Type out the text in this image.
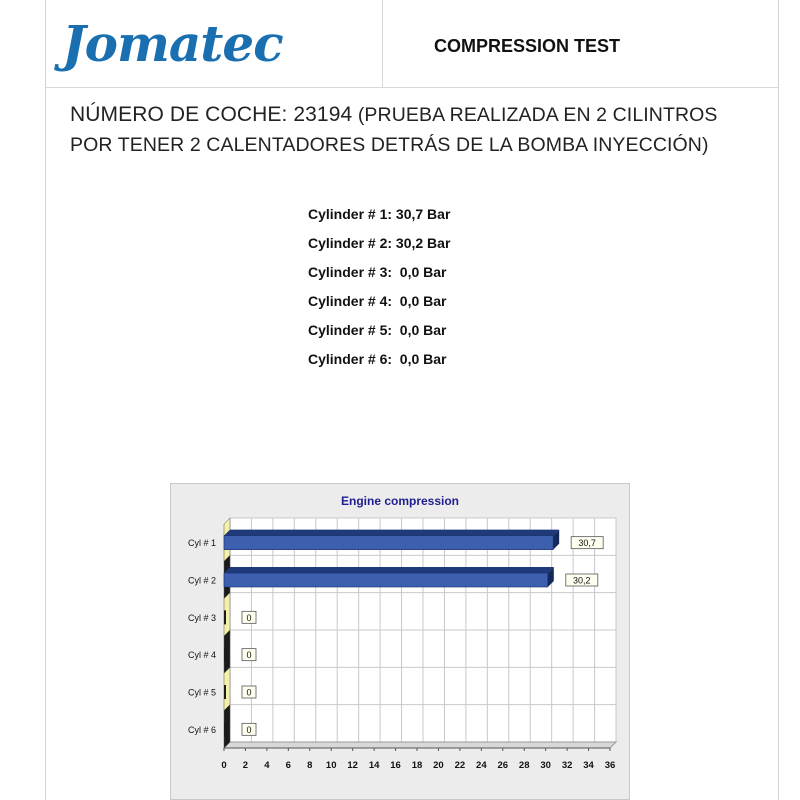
Jomatec	COMPRESSION TEST
NÚMERO DE COCHE: 23194 (PRUEBA REALIZADA EN 2 CILINTROS
POR TENER 2 CALENTADORES DETRÁS DE LA BOMBA INYECCIÓN)
Cylinder # 1: 30,7 Bar
Cylinder # 2: 30,2 Bar
Cylinder # 3:  0,0 Bar
Cylinder # 4:  0,0 Bar
Cylinder # 5:  0,0 Bar
Cylinder # 6:  0,0 Bar
Engine compression
30,7
Cyl # 1
30,2
Cyl # 2
0
Cyl # 3
0
Cyl # 4
0
Cyl # 5
0
Cyl # 6
0 2 4 6 8 10 12 14 16 18 20 22 24 26 28 30 32 34 36
